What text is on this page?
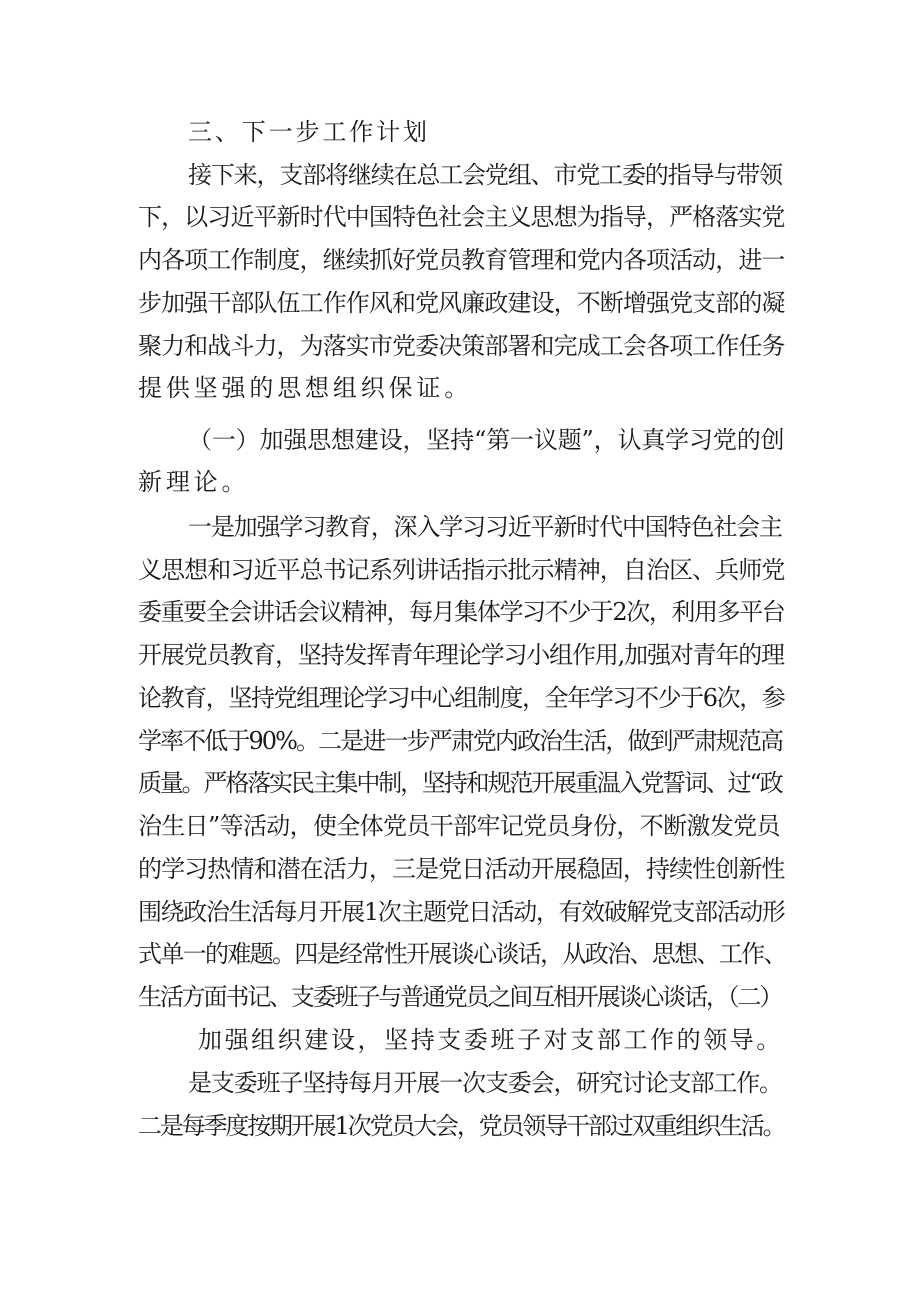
三、下一步工作计划
接下来，支部将继续在总工会党组、市党工委的指导与带领
下，以习近平新时代中国特色社会主义思想为指导，严格落实党
内各项工作制度，继续抓好党员教育管理和党内各项活动，进一
步加强干部队伍工作作风和党风廉政建设，不断增强党支部的凝
聚力和战斗力，为落实市党委决策部署和完成工会各项工作任务
提供坚强的思想组织保证。
（一）加强思想建设，坚持“第一议题”，认真学习党的创
新理论。
一是加强学习教育，深入学习习近平新时代中国特色社会主
义思想和习近平总书记系列讲话指示批示精神，自治区、兵师党
委重要全会讲话会议精神，每月集体学习不少于2次，利用多平台
开展党员教育，坚持发挥青年理论学习小组作用,加强对青年的理
论教育，坚持党组理论学习中心组制度，全年学习不少于6次，参
学率不低于90%。二是进一步严肃党内政治生活，做到严肃规范高
质量。严格落实民主集中制，坚持和规范开展重温入党誓词、过“政
治生日”等活动，使全体党员干部牢记党员身份，不断激发党员
的学习热情和潜在活力，三是党日活动开展稳固，持续性创新性
围绕政治生活每月开展1次主题党日活动，有效破解党支部活动形
式单一的难题。四是经常性开展谈心谈话，从政治、思想、工作、
生活方面书记、支委班子与普通党员之间互相开展谈心谈话，（二）
加强组织建设，坚持支委班子对支部工作的领导。
是支委班子坚持每月开展一次支委会，研究讨论支部工作。
二是每季度按期开展1次党员大会，党员领导干部过双重组织生活。
